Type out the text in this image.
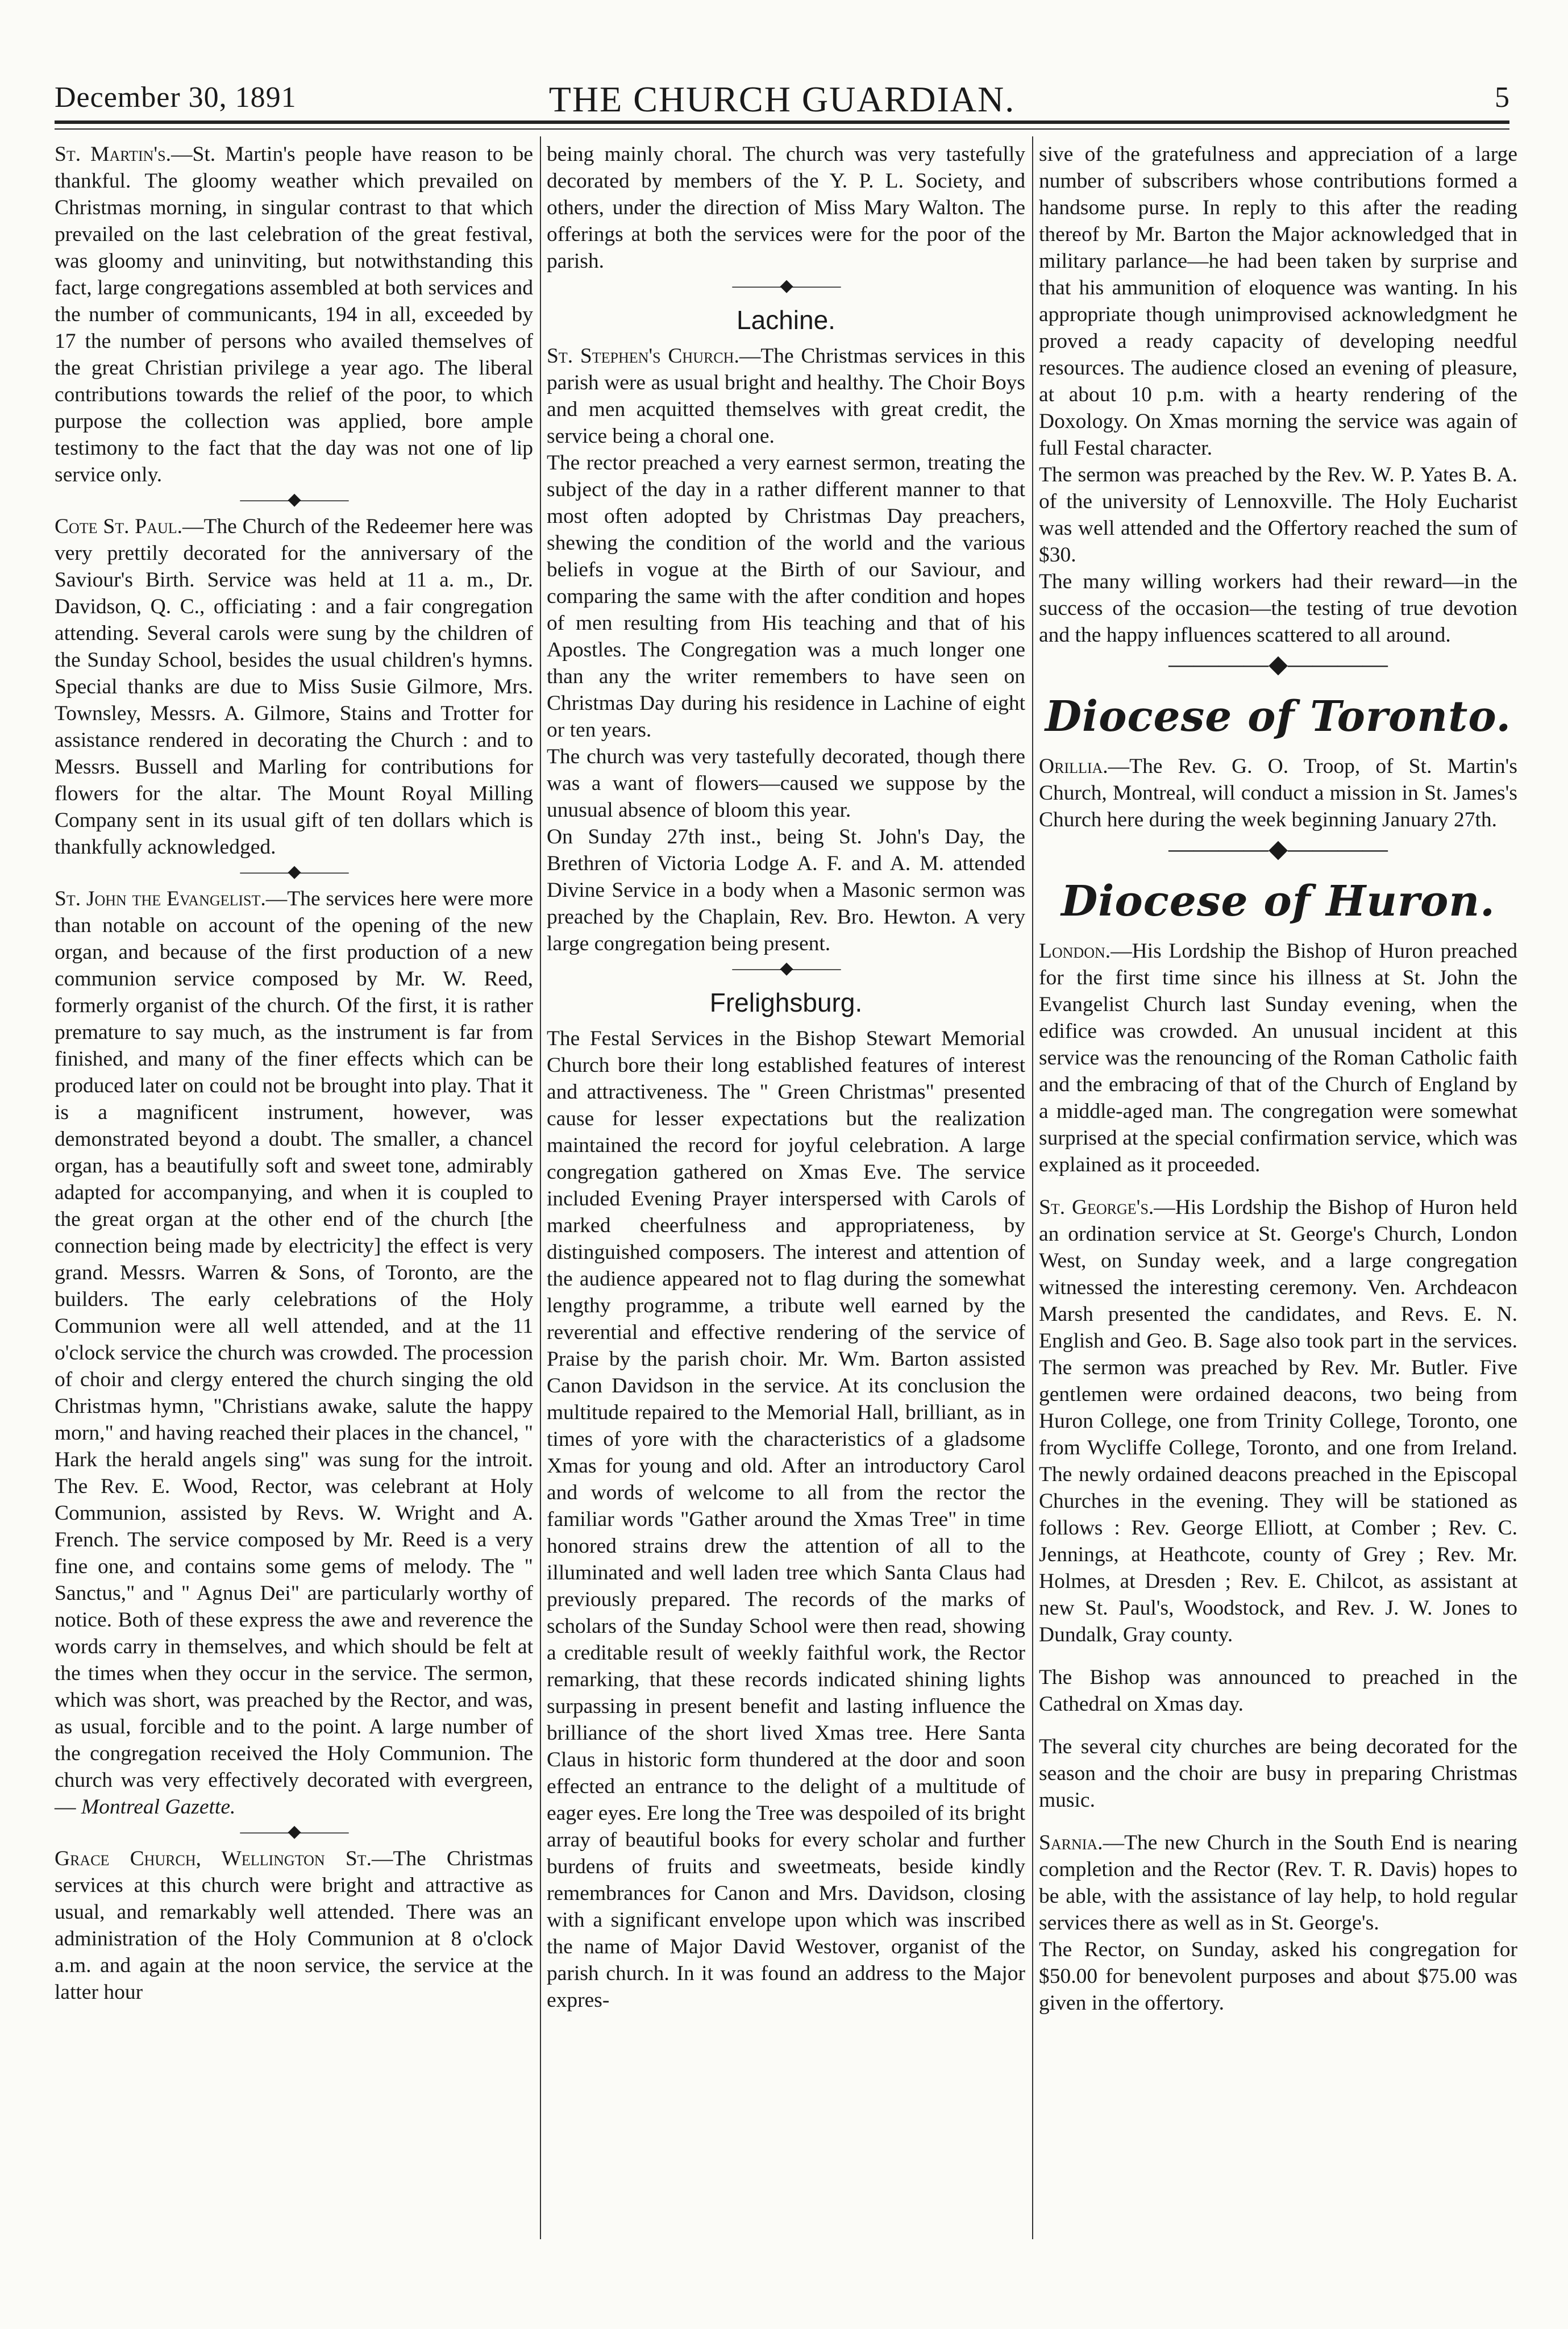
December 30, 1891	THE CHURCH GUARDIAN.	5

St. Martin's.—St. Martin's people have reason to be thankful. The gloomy weather which prevailed on Christmas morning, in singular contrast to that which prevailed on the last celebration of the great festival, was gloomy and uninviting, but notwithstanding this fact, large congregations assembled at both services and the number of communicants, 194 in all, exceeded by 17 the number of persons who availed themselves of the great Christian privilege a year ago. The liberal contributions towards the relief of the poor, to which purpose the collection was applied, bore ample testimony to the fact that the day was not one of lip service only.

———◆———

Cote St. Paul.—The Church of the Redeemer here was very prettily decorated for the anniversary of the Saviour's Birth. Service was held at 11 a. m., Dr. Davidson, Q. C., officiating : and a fair congregation attending. Several carols were sung by the children of the Sunday School, besides the usual children's hymns. Special thanks are due to Miss Susie Gilmore, Mrs. Townsley, Messrs. A. Gilmore, Stains and Trotter for assistance rendered in decorating the Church : and to Messrs. Bussell and Marling for contributions for flowers for the altar. The Mount Royal Milling Company sent in its usual gift of ten dollars which is thankfully acknowledged.

———◆———

St. John the Evangelist.—The services here were more than notable on account of the opening of the new organ, and because of the first production of a new communion service composed by Mr. W. Reed, formerly organist of the church. Of the first, it is rather premature to say much, as the instrument is far from finished, and many of the finer effects which can be produced later on could not be brought into play. That it is a magnificent instrument, however, was demonstrated beyond a doubt. The smaller, a chancel organ, has a beautifully soft and sweet tone, admirably adapted for accompanying, and when it is coupled to the great organ at the other end of the church [the connection being made by electricity] the effect is very grand. Messrs. Warren & Sons, of Toronto, are the builders. The early celebrations of the Holy Communion were all well attended, and at the 11 o'clock service the church was crowded. The procession of choir and clergy entered the church singing the old Christmas hymn, "Christians awake, salute the happy morn," and having reached their places in the chancel, " Hark the herald angels sing" was sung for the introit. The Rev. E. Wood, Rector, was celebrant at Holy Communion, assisted by Revs. W. Wright and A. French. The service composed by Mr. Reed is a very fine one, and contains some gems of melody. The " Sanctus," and " Agnus Dei" are particularly worthy of notice. Both of these express the awe and reverence the words carry in themselves, and which should be felt at the times when they occur in the service. The sermon, which was short, was preached by the Rector, and was, as usual, forcible and to the point. A large number of the congregation received the Holy Communion. The church was very effectively decorated with evergreen,— Montreal Gazette.

———◆———

Grace Church, Wellington St.—The Christmas services at this church were bright and attractive as usual, and remarkably well attended. There was an administration of the Holy Communion at 8 o'clock a.m. and again at the noon service, the service at the latter hour

being mainly choral. The church was very tastefully decorated by members of the Y. P. L. Society, and others, under the direction of Miss Mary Walton. The offerings at both the services were for the poor of the parish.

———◆———
Lachine.

St. Stephen's Church.—The Christmas services in this parish were as usual bright and healthy. The Choir Boys and men acquitted themselves with great credit, the service being a choral one.

The rector preached a very earnest sermon, treating the subject of the day in a rather different manner to that most often adopted by Christmas Day preachers, shewing the condition of the world and the various beliefs in vogue at the Birth of our Saviour, and comparing the same with the after condition and hopes of men resulting from His teaching and that of his Apostles. The Congregation was a much longer one than any the writer remembers to have seen on Christmas Day during his residence in Lachine of eight or ten years.

The church was very tastefully decorated, though there was a want of flowers—caused we suppose by the unusual absence of bloom this year.

On Sunday 27th inst., being St. John's Day, the Brethren of Victoria Lodge A. F. and A. M. attended Divine Service in a body when a Masonic sermon was preached by the Chaplain, Rev. Bro. Hewton. A very large congregation being present.

———◆———
Frelighsburg.

The Festal Services in the Bishop Stewart Memorial Church bore their long established features of interest and attractiveness. The " Green Christmas" presented cause for lesser expectations but the realization maintained the record for joyful celebration. A large congregation gathered on Xmas Eve. The service included Evening Prayer interspersed with Carols of marked cheerfulness and appropriateness, by distinguished composers. The interest and attention of the audience appeared not to flag during the somewhat lengthy programme, a tribute well earned by the reverential and effective rendering of the service of Praise by the parish choir. Mr. Wm. Barton assisted Canon Davidson in the service. At its conclusion the multitude repaired to the Memorial Hall, brilliant, as in times of yore with the characteristics of a gladsome Xmas for young and old. After an introductory Carol and words of welcome to all from the rector the familiar words "Gather around the Xmas Tree" in time honored strains drew the attention of all to the illuminated and well laden tree which Santa Claus had previously prepared. The records of the marks of scholars of the Sunday School were then read, showing a creditable result of weekly faithful work, the Rector remarking, that these records indicated shining lights surpassing in present benefit and lasting influence the brilliance of the short lived Xmas tree. Here Santa Claus in historic form thundered at the door and soon effected an entrance to the delight of a multitude of eager eyes. Ere long the Tree was despoiled of its bright array of beautiful books for every scholar and further burdens of fruits and sweetmeats, beside kindly remembrances for Canon and Mrs. Davidson, closing with a significant envelope upon which was inscribed the name of Major David Westover, organist of the parish church. In it was found an address to the Major expres-

sive of the gratefulness and appreciation of a large number of subscribers whose contributions formed a handsome purse. In reply to this after the reading thereof by Mr. Barton the Major acknowledged that in military parlance—he had been taken by surprise and that his ammunition of eloquence was wanting. In his appropriate though unimprovised acknowledgment he proved a ready capacity of developing needful resources. The audience closed an evening of pleasure, at about 10 p.m. with a hearty rendering of the Doxology. On Xmas morning the service was again of full Festal character.

The sermon was preached by the Rev. W. P. Yates B. A. of the university of Lennoxville. The Holy Eucharist was well attended and the Offertory reached the sum of $30.

The many willing workers had their reward—in the success of the occasion—the testing of true devotion and the happy influences scattered to all around.

————◆————
Diocese of Toronto.

Orillia.—The Rev. G. O. Troop, of St. Martin's Church, Montreal, will conduct a mission in St. James's Church here during the week beginning January 27th.

————◆————
Diocese of Huron.

London.—His Lordship the Bishop of Huron preached for the first time since his illness at St. John the Evangelist Church last Sunday evening, when the edifice was crowded. An unusual incident at this service was the renouncing of the Roman Catholic faith and the embracing of that of the Church of England by a middle-aged man. The congregation were somewhat surprised at the special confirmation service, which was explained as it proceeded.

St. George's.—His Lordship the Bishop of Huron held an ordination service at St. George's Church, London West, on Sunday week, and a large congregation witnessed the interesting ceremony. Ven. Archdeacon Marsh presented the candidates, and Revs. E. N. English and Geo. B. Sage also took part in the services. The sermon was preached by Rev. Mr. Butler. Five gentlemen were ordained deacons, two being from Huron College, one from Trinity College, Toronto, one from Wycliffe College, Toronto, and one from Ireland. The newly ordained deacons preached in the Episcopal Churches in the evening. They will be stationed as follows : Rev. George Elliott, at Comber ; Rev. C. Jennings, at Heathcote, county of Grey ; Rev. Mr. Holmes, at Dresden ; Rev. E. Chilcot, as assistant at new St. Paul's, Woodstock, and Rev. J. W. Jones to Dundalk, Gray county.

The Bishop was announced to preached in the Cathedral on Xmas day.

The several city churches are being decorated for the season and the choir are busy in preparing Christmas music.

Sarnia.—The new Church in the South End is nearing completion and the Rector (Rev. T. R. Davis) hopes to be able, with the assistance of lay help, to hold regular services there as well as in St. George's.

The Rector, on Sunday, asked his congregation for $50.00 for benevolent purposes and about $75.00 was given in the offertory.
